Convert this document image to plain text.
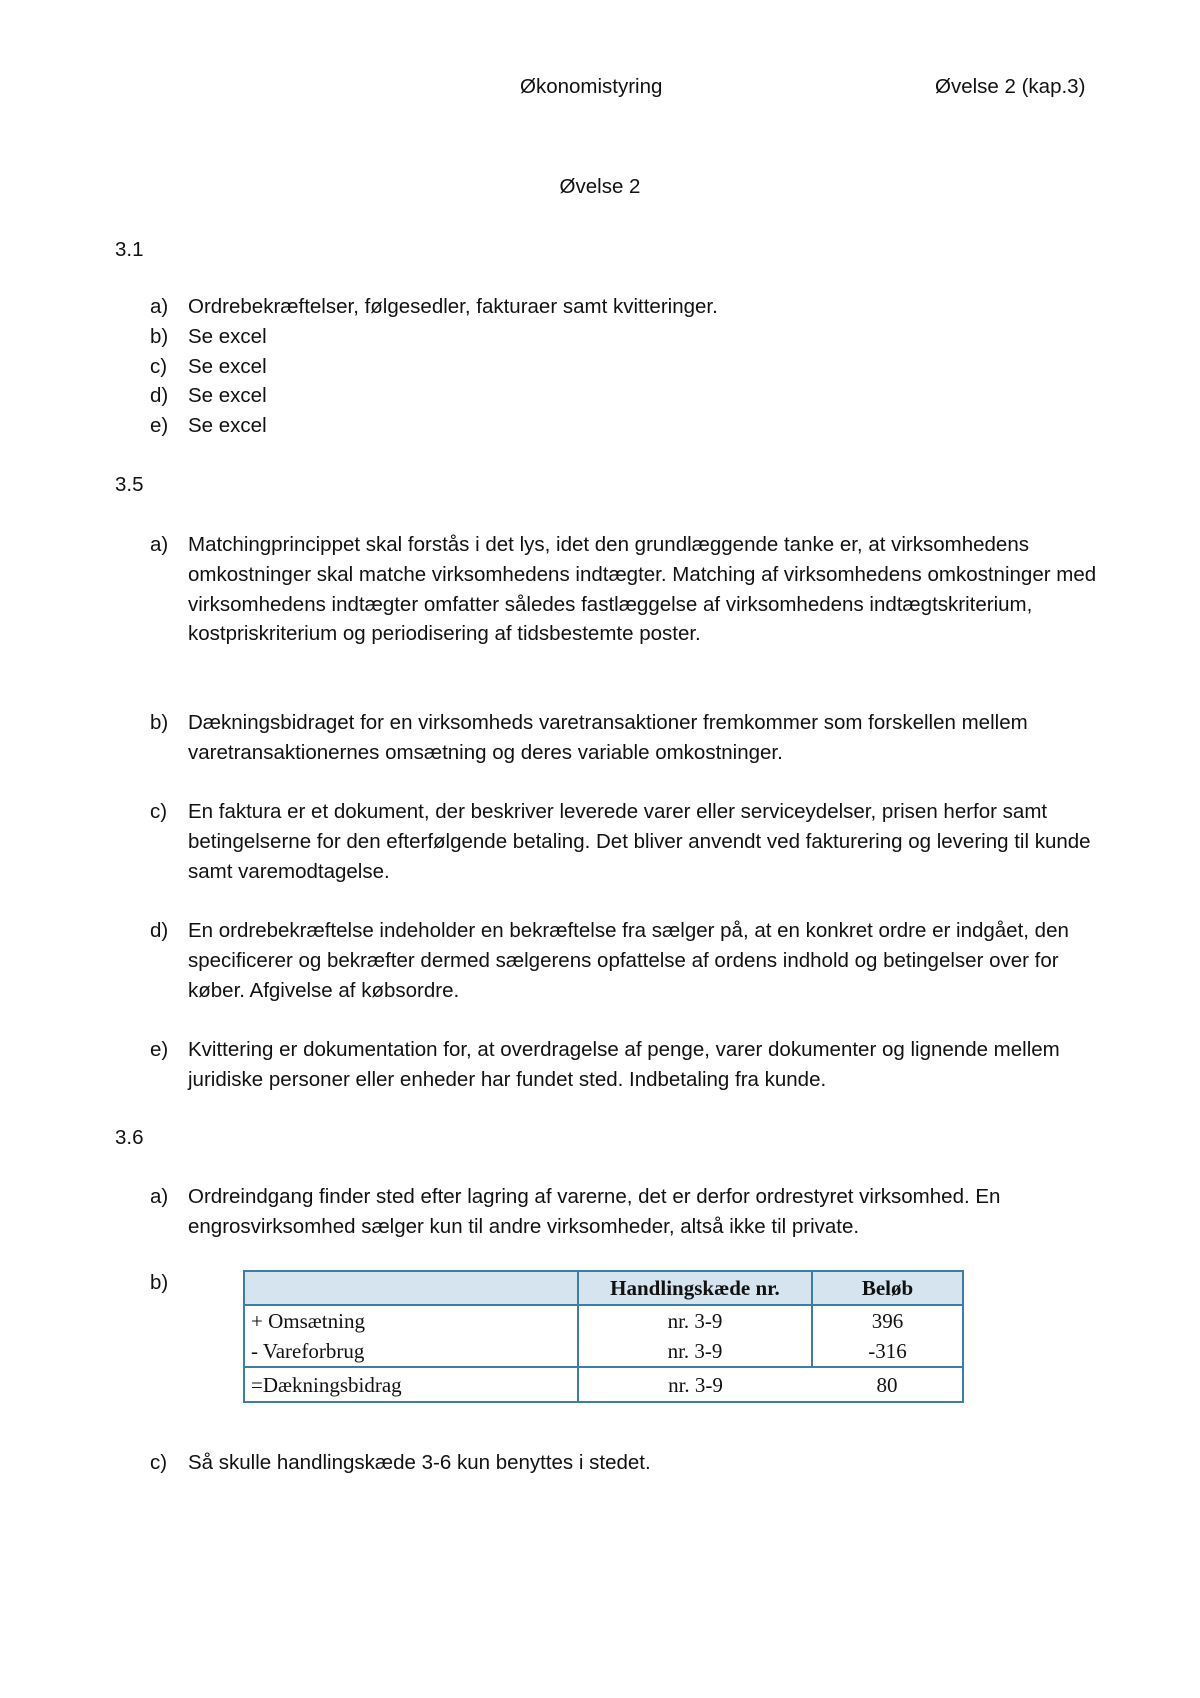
Økonomistyring	Øvelse 2 (kap.3)
Øvelse 2
3.1
a) Ordrebekræftelser, følgesedler, fakturaer samt kvitteringer.
b) Se excel
c)	Se excel
d) Se excel
e) Se excel
3.5
a) Matchingprincippet skal forstås i det lys, idet den grundlæggende tanke er, at virksomhedens omkostninger skal matche virksomhedens indtægter. Matching af virksomhedens omkostninger med virksomhedens indtægter omfatter således fastlæggelse af virksomhedens indtægtskriterium, kostpriskriterium og periodisering af tidsbestemte poster.
b) Dækningsbidraget for en virksomheds varetransaktioner fremkommer som forskellen mellem varetransaktionernes omsætning og deres variable omkostninger.
c)	En faktura er et dokument, der beskriver leverede varer eller serviceydelser, prisen herfor samt betingelserne for den efterfølgende betaling. Det bliver anvendt ved fakturering og levering til kunde samt varemodtagelse.
d) En ordrebekræftelse indeholder en bekræftelse fra sælger på, at en konkret ordre er indgået, den specificerer og bekræfter dermed sælgerens opfattelse af ordens indhold og betingelser over for køber. Afgivelse af købsordre.
e) Kvittering er dokumentation for, at overdragelse af penge, varer dokumenter og lignende mellem juridiske personer eller enheder har fundet sted. Indbetaling fra kunde.
3.6
a) Ordreindgang finder sted efter lagring af varerne, det er derfor ordrestyret virksomhed. En engrosvirksomhed sælger kun til andre virksomheder, altså ikke til private.
b)
		Handlingskæde nr.	Beløb
+ Omsætning	nr. 3-9	396
- Vareforbrug	nr. 3-9	-316
=Dækningsbidrag	nr. 3-9	80
c)	Så skulle handlingskæde 3-6 kun benyttes i stedet.
